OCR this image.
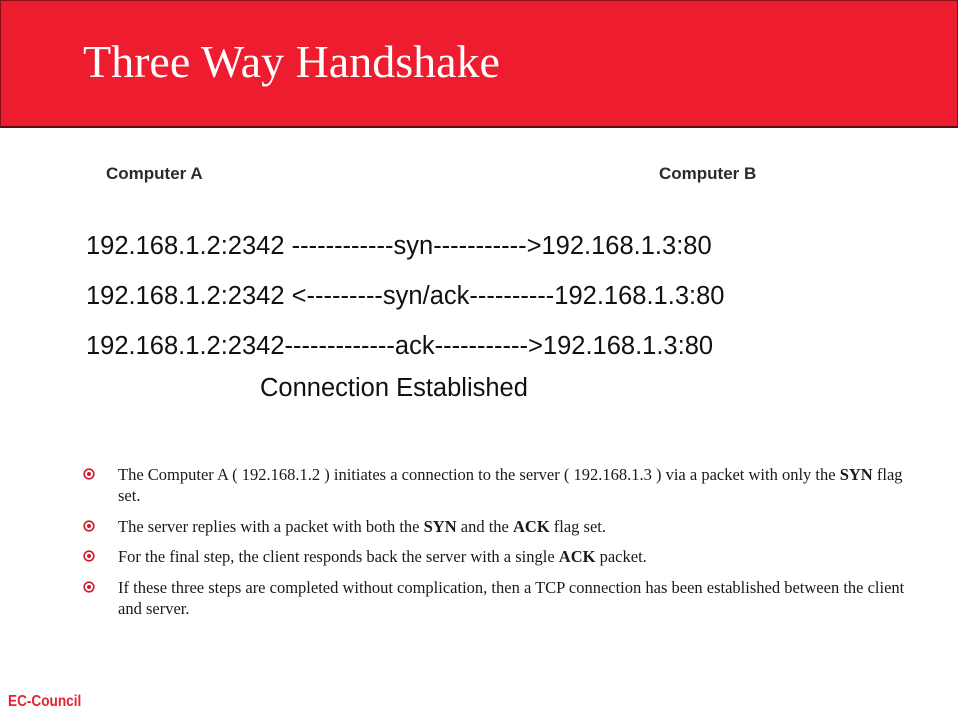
Three Way Handshake
Computer A	Computer B
192.168.1.2:2342 ------------syn----------->192.168.1.3:80
192.168.1.2:2342 <---------syn/ack----------192.168.1.3:80
192.168.1.2:2342-------------ack----------->192.168.1.3:80
Connection Established
The Computer A ( 192.168.1.2 ) initiates a connection to the server ( 192.168.1.3 ) via a packet with only the SYN flag set.
The server replies with a packet with both the SYN and the ACK flag set.
For the final step, the client responds back the server with a single ACK packet.
If these three steps are completed without complication, then a TCP connection has been established between the client and server.
EC-Council
